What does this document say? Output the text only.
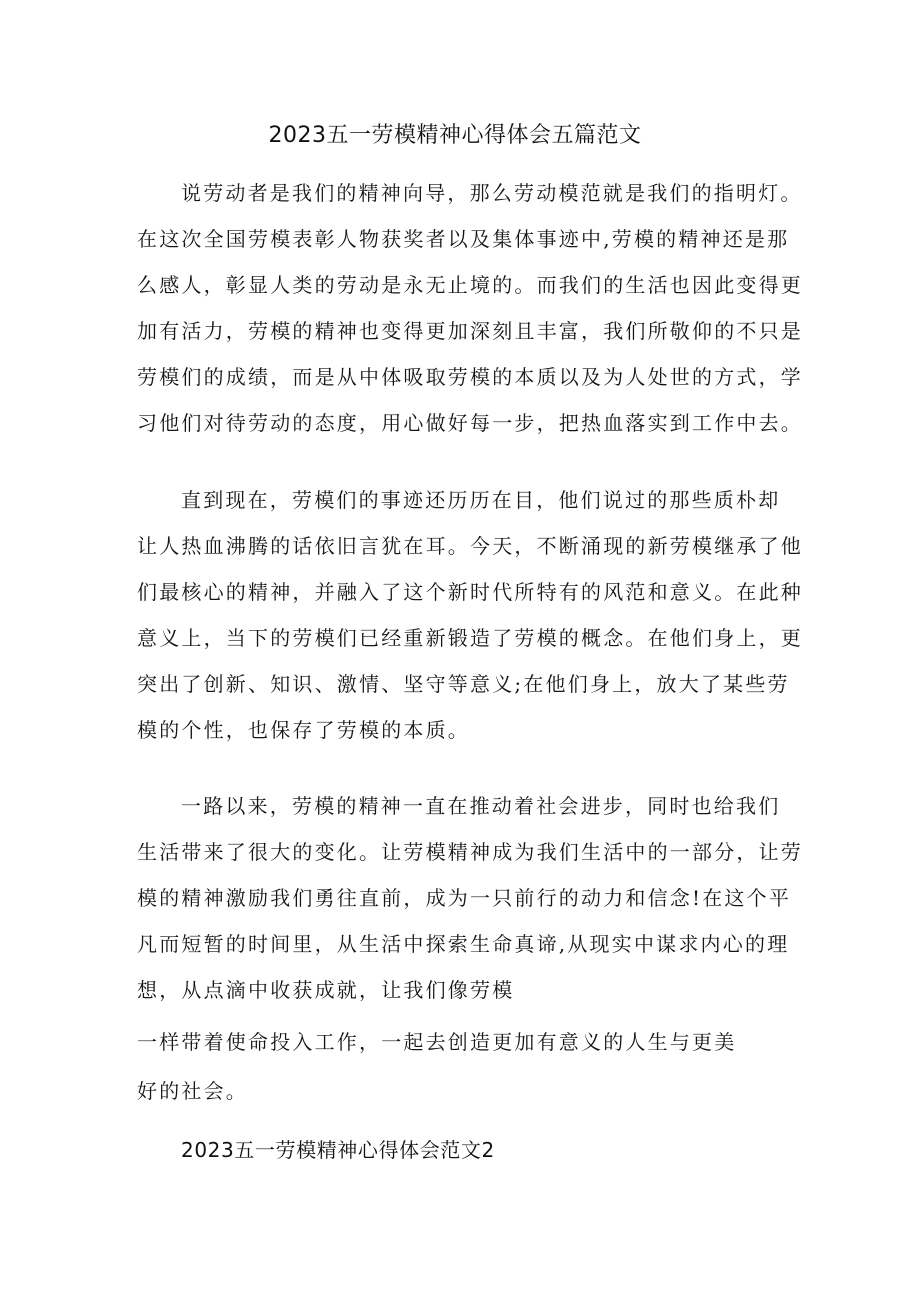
2023五一劳模精神心得体会五篇范文
说劳动者是我们的精神向导，那么劳动模范就是我们的指明灯。
在这次全国劳模表彰人物获奖者以及集体事迹中,劳模的精神还是那
么感人，彰显人类的劳动是永无止境的。而我们的生活也因此变得更
加有活力，劳模的精神也变得更加深刻且丰富，我们所敬仰的不只是
劳模们的成绩，而是从中体吸取劳模的本质以及为人处世的方式，学
习他们对待劳动的态度，用心做好每一步，把热血落实到工作中去。
直到现在，劳模们的事迹还历历在目，他们说过的那些质朴却
让人热血沸腾的话依旧言犹在耳。今天，不断涌现的新劳模继承了他
们最核心的精神，并融入了这个新时代所特有的风范和意义。在此种
意义上，当下的劳模们已经重新锻造了劳模的概念。在他们身上，更
突出了创新、知识、激情、坚守等意义;在他们身上，放大了某些劳
模的个性，也保存了劳模的本质。
一路以来，劳模的精神一直在推动着社会进步，同时也给我们
生活带来了很大的变化。让劳模精神成为我们生活中的一部分，让劳
模的精神激励我们勇往直前，成为一只前行的动力和信念!在这个平
凡而短暂的时间里，从生活中探索生命真谛,从现实中谋求内心的理
想，从点滴中收获成就，让我们像劳模
一样带着使命投入工作，一起去创造更加有意义的人生与更美
好的社会。
2023五一劳模精神心得体会范文2
